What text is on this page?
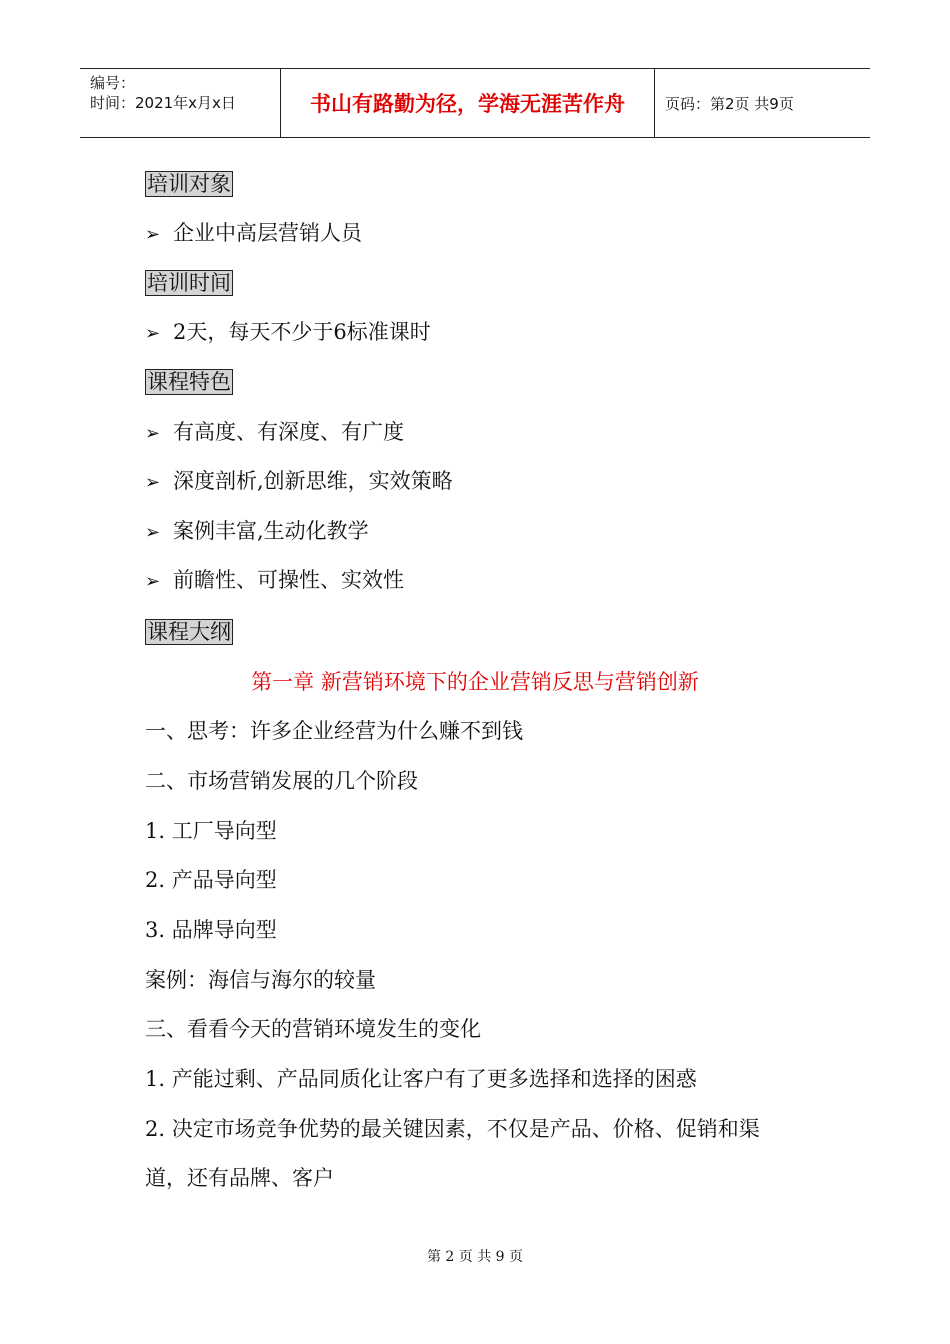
编号：
时间：2021年x月x日	书山有路勤为径，学海无涯苦作舟	页码：第2页 共9页
培训对象
➢ 企业中高层营销人员
培训时间
➢ 2天，每天不少于6标准课时
课程特色
➢ 有高度、有深度、有广度
➢ 深度剖析,创新思维，实效策略
➢ 案例丰富,生动化教学
➢ 前瞻性、可操性、实效性
课程大纲
第一章 新营销环境下的企业营销反思与营销创新
一、思考：许多企业经营为什么赚不到钱
二、市场营销发展的几个阶段
1. 工厂导向型
2. 产品导向型
3. 品牌导向型
案例：海信与海尔的较量
三、看看今天的营销环境发生的变化
1. 产能过剩、产品同质化让客户有了更多选择和选择的困惑
2. 决定市场竞争优势的最关键因素，不仅是产品、价格、促销和渠
道，还有品牌、客户
第 2 页 共 9 页
